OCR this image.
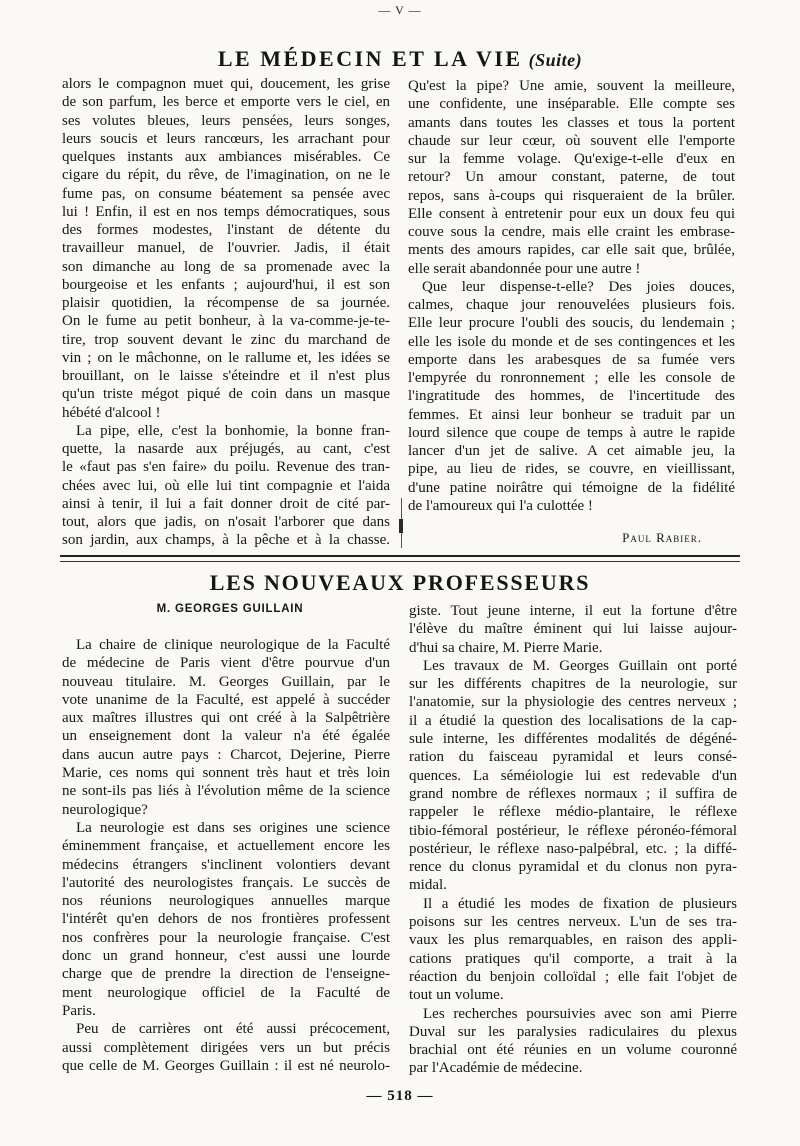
— V —
LE MÉDECIN ET LA VIE (Suite)
alors le compagnon muet qui, doucement, les grise
de son parfum, les berce et emporte vers le ciel, en
ses volutes bleues, leurs pensées, leurs songes,
leurs soucis et leurs rancœurs, les arrachant pour
quelques instants aux ambiances misérables. Ce
cigare du répit, du rêve, de l'imagination, on ne le
fume pas, on consume béatement sa pensée avec
lui ! Enfin, il est en nos temps démocratiques, sous
des formes modestes, l'instant de détente du
travailleur manuel, de l'ouvrier. Jadis, il était
son dimanche au long de sa promenade avec la
bourgeoise et les enfants ; aujourd'hui, il est son
plaisir quotidien, la récompense de sa journée.
On le fume au petit bonheur, à la va-comme-je-te-
tire, trop souvent devant le zinc du marchand de
vin ; on le mâchonne, on le rallume et, les idées se
brouillant, on le laisse s'éteindre et il n'est plus
qu'un triste mégot piqué de coin dans un masque
hébété d'alcool !
La pipe, elle, c'est la bonhomie, la bonne fran-
quette, la nasarde aux préjugés, au cant, c'est
le «faut pas s'en faire» du poilu. Revenue des tran-
chées avec lui, où elle lui tint compagnie et l'aida
ainsi à tenir, il lui a fait donner droit de cité par-
tout, alors que jadis, on n'osait l'arborer que dans
son jardin, aux champs, à la pêche et à la chasse.
Qu'est la pipe? Une amie, souvent la meilleure,
une confidente, une inséparable. Elle compte ses
amants dans toutes les classes et tous la portent
chaude sur leur cœur, où souvent elle l'emporte
sur la femme volage. Qu'exige-t-elle d'eux en
retour? Un amour constant, paterne, de tout
repos, sans à-coups qui risqueraient de la brûler.
Elle consent à entretenir pour eux un doux feu qui
couve sous la cendre, mais elle craint les embrase-
ments des amours rapides, car elle sait que, brûlée,
elle serait abandonnée pour une autre !
Que leur dispense-t-elle? Des joies douces,
calmes, chaque jour renouvelées plusieurs fois.
Elle leur procure l'oubli des soucis, du lendemain ;
elle les isole du monde et de ses contingences et les
emporte dans les arabesques de sa fumée vers
l'empyrée du ronronnement ; elle les console de
l'ingratitude des hommes, de l'incertitude des
femmes. Et ainsi leur bonheur se traduit par un
lourd silence que coupe de temps à autre le rapide
lancer d'un jet de salive. A cet aimable jeu, la
pipe, au lieu de rides, se couvre, en vieillissant,
d'une patine noirâtre qui témoigne de la fidélité
de l'amoureux qui l'a culottée !
Paul Rabier.
LES NOUVEAUX PROFESSEURS
M. GEORGES GUILLAIN
La chaire de clinique neurologique de la Faculté
de médecine de Paris vient d'être pourvue d'un
nouveau titulaire. M. Georges Guillain, par le
vote unanime de la Faculté, est appelé à succéder
aux maîtres illustres qui ont créé à la Salpêtrière
un enseignement dont la valeur n'a été égalée
dans aucun autre pays : Charcot, Dejerine, Pierre
Marie, ces noms qui sonnent très haut et très loin
ne sont-ils pas liés à l'évolution même de la science
neurologique?
La neurologie est dans ses origines une science
éminemment française, et actuellement encore les
médecins étrangers s'inclinent volontiers devant
l'autorité des neurologistes français. Le succès de
nos réunions neurologiques annuelles marque
l'intérêt qu'en dehors de nos frontières professent
nos confrères pour la neurologie française. C'est
donc un grand honneur, c'est aussi une lourde
charge que de prendre la direction de l'enseigne-
ment neurologique officiel de la Faculté de
Paris.
Peu de carrières ont été aussi précocement,
aussi complètement dirigées vers un but précis
que celle de M. Georges Guillain : il est né neurolo-
giste. Tout jeune interne, il eut la fortune d'être
l'élève du maître éminent qui lui laisse aujour-
d'hui sa chaire, M. Pierre Marie.
Les travaux de M. Georges Guillain ont porté
sur les différents chapitres de la neurologie, sur
l'anatomie, sur la physiologie des centres nerveux ;
il a étudié la question des localisations de la cap-
sule interne, les différentes modalités de dégéné-
ration du faisceau pyramidal et leurs consé-
quences. La séméiologie lui est redevable d'un
grand nombre de réflexes normaux ; il suffira de
rappeler le réflexe médio-plantaire, le réflexe
tibio-fémoral postérieur, le réflexe péronéo-fémoral
postérieur, le réflexe naso-palpébral, etc. ; la diffé-
rence du clonus pyramidal et du clonus non pyra-
midal.
Il a étudié les modes de fixation de plusieurs
poisons sur les centres nerveux. L'un de ses tra-
vaux les plus remarquables, en raison des appli-
cations pratiques qu'il comporte, a trait à la
réaction du benjoin colloïdal ; elle fait l'objet de
tout un volume.
Les recherches poursuivies avec son ami Pierre
Duval sur les paralysies radiculaires du plexus
brachial ont été réunies en un volume couronné
par l'Académie de médecine.
— 518 —
